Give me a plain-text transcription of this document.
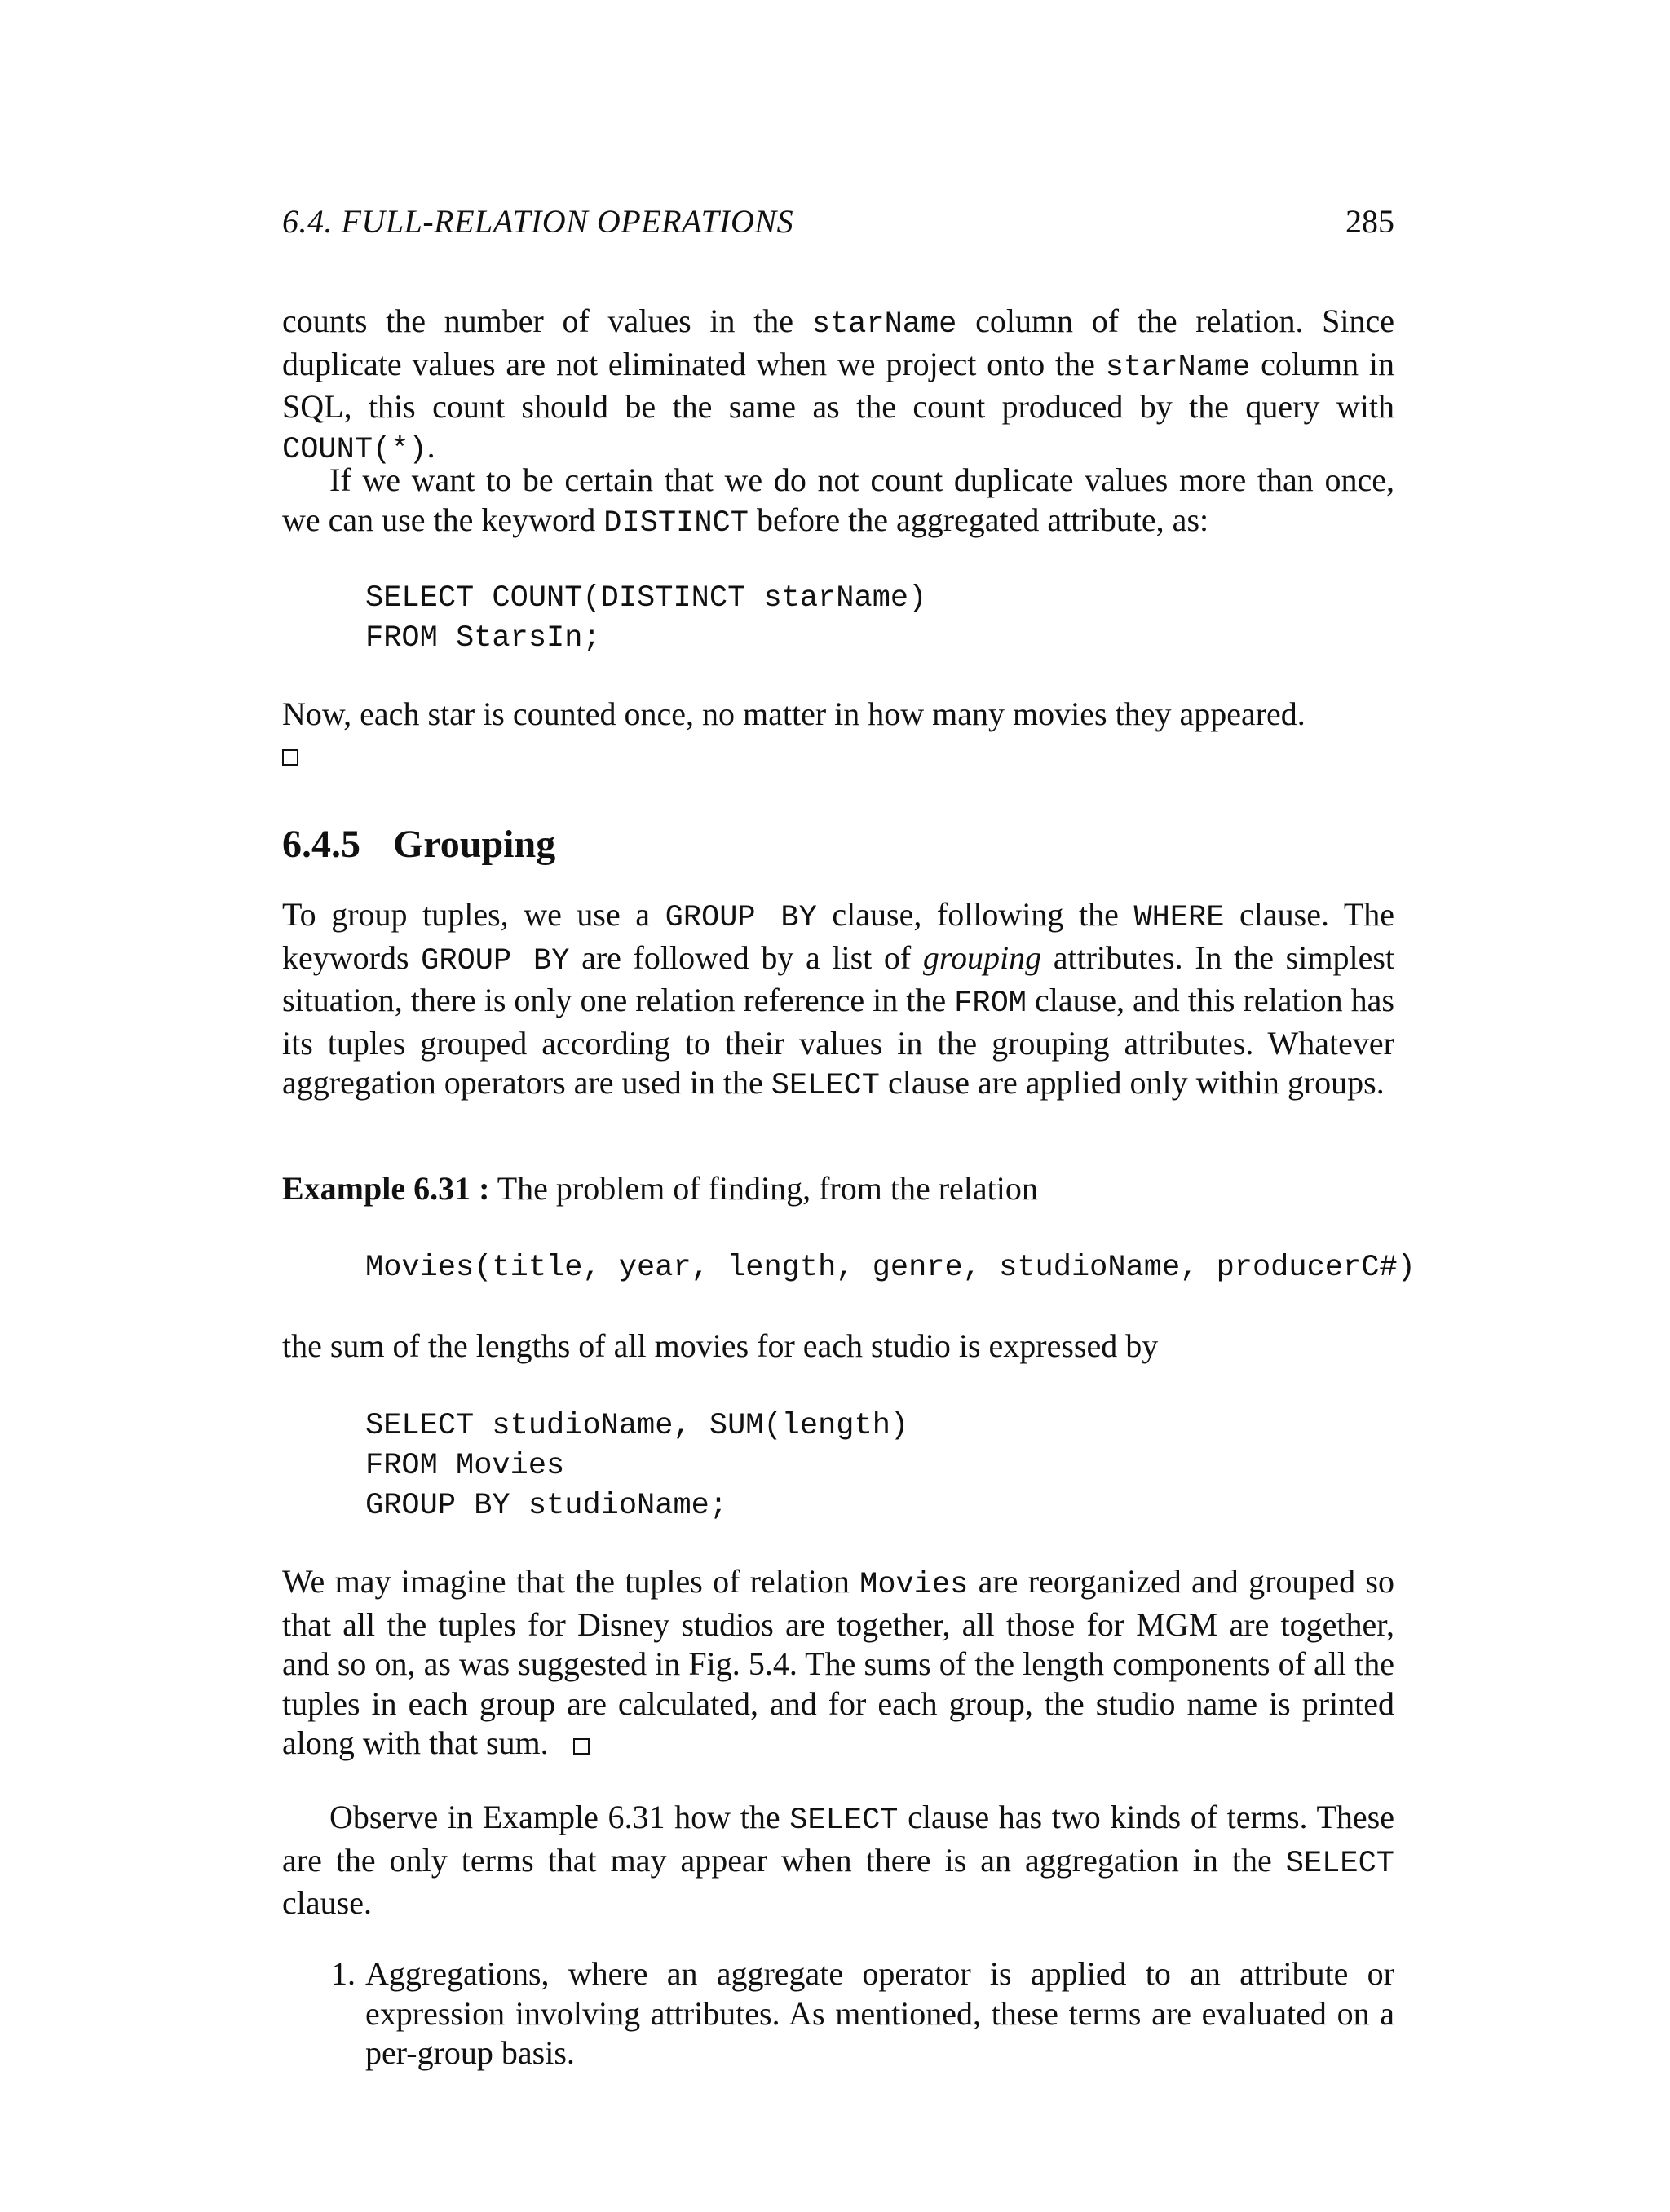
6.4. FULL-RELATION OPERATIONS	285

counts the number of values in the starName column of the relation. Since duplicate values are not eliminated when we project onto the starName column in SQL, this count should be the same as the count produced by the query with COUNT(*).

If we want to be certain that we do not count duplicate values more than once, we can use the keyword DISTINCT before the aggregated attribute, as:

SELECT COUNT(DISTINCT starName)
FROM StarsIn;

Now, each star is counted once, no matter in how many movies they appeared.

6.4.5 Grouping

To group tuples, we use a GROUP BY clause, following the WHERE clause. The keywords GROUP BY are followed by a list of grouping attributes. In the simplest situation, there is only one relation reference in the FROM clause, and this relation has its tuples grouped according to their values in the grouping attributes. Whatever aggregation operators are used in the SELECT clause are applied only within groups.

Example 6.31 : The problem of finding, from the relation

Movies(title, year, length, genre, studioName, producerC#)

the sum of the lengths of all movies for each studio is expressed by

SELECT studioName, SUM(length)
FROM Movies
GROUP BY studioName;

We may imagine that the tuples of relation Movies are reorganized and grouped so that all the tuples for Disney studios are together, all those for MGM are together, and so on, as was suggested in Fig. 5.4. The sums of the length components of all the tuples in each group are calculated, and for each group, the studio name is printed along with that sum.

Observe in Example 6.31 how the SELECT clause has two kinds of terms. These are the only terms that may appear when there is an aggregation in the SELECT clause.

1. Aggregations, where an aggregate operator is applied to an attribute or expression involving attributes. As mentioned, these terms are evaluated on a per-group basis.
